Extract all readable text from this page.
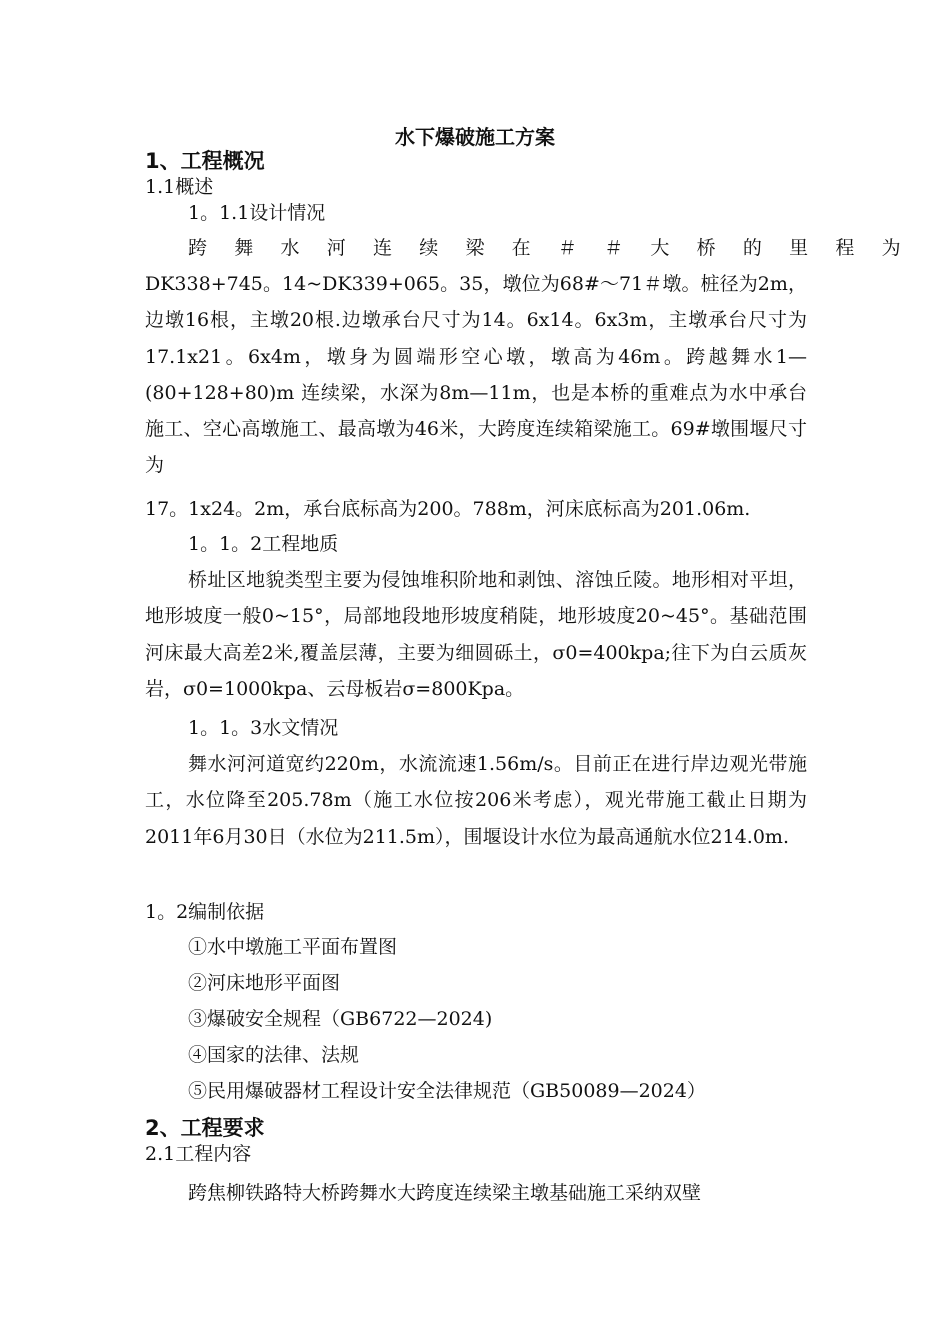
水下爆破施工方案
1、工程概况
1.1概述
1。1.1设计情况
跨 舞 水 河 连 续 梁 在 ＃ ＃ 大 桥 的 里 程 为

DK338+745。14~DK339+065。35，墩位为68#～71＃墩。桩径为2m，边墩16根，主墩20根.边墩承台尺寸为14。6x14。6x3m，主墩承台尺寸为17.1x21。6x4m，墩身为圆端形空心墩，墩高为46m。跨越舞水1—(80+128+80)m 连续梁，水深为8m—11m，也是本桥的重难点为水中承台施工、空心高墩施工、最高墩为46米，大跨度连续箱梁施工。69#墩围堰尺寸为

17。1x24。2m，承台底标高为200。788m，河床底标高为201.06m.
1。1。2工程地质

桥址区地貌类型主要为侵蚀堆积阶地和剥蚀、溶蚀丘陵。地形相对平坦，地形坡度一般0~15°，局部地段地形坡度稍陡，地形坡度20~45°。基础范围河床最大高差2米,覆盖层薄，主要为细圆砾土，σ0=400kpa;往下为白云质灰岩，σ0=1000kpa、云母板岩σ=800Kpa。

1。1。3水文情况

舞水河河道宽约220m，水流流速1.56m/s。目前正在进行岸边观光带施工，水位降至205.78m（施工水位按206米考虑），观光带施工截止日期为2011年6月30日（水位为211.5m），围堰设计水位为最高通航水位214.0m.

1。2编制依据
①水中墩施工平面布置图
②河床地形平面图
③爆破安全规程（GB6722—2024)
④国家的法律、法规
⑤民用爆破器材工程设计安全法律规范（GB50089—2024）
2、工程要求
2.1工程内容
跨焦柳铁路特大桥跨舞水大跨度连续梁主墩基础施工采纳双壁
